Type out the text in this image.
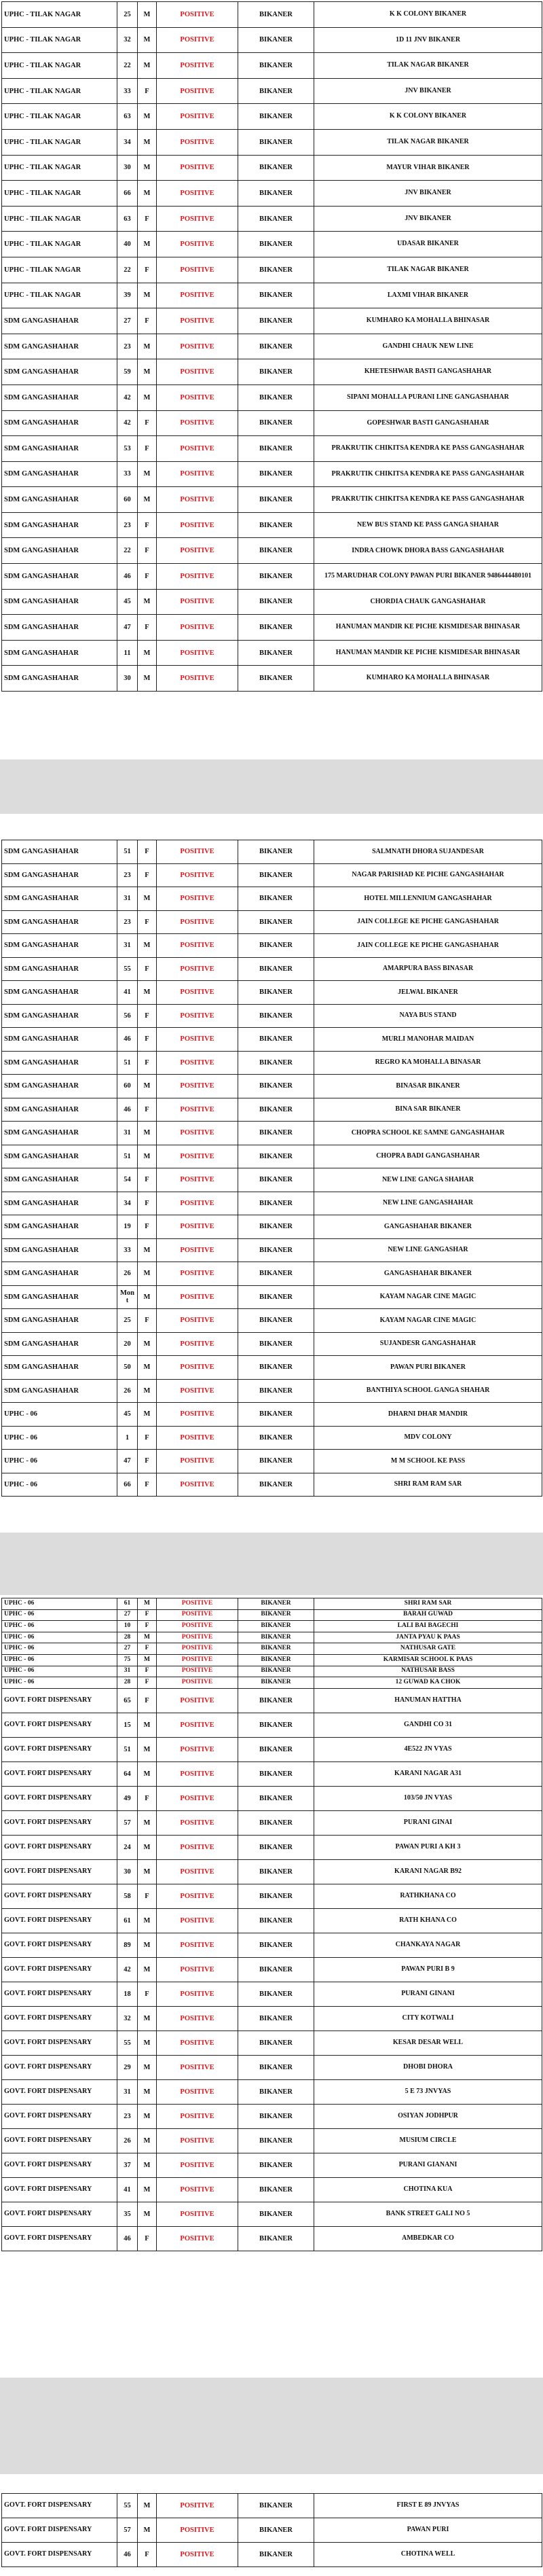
UPHC - TILAK NAGAR	25	M	POSITIVE	BIKANER	K K COLONY BIKANER
UPHC - TILAK NAGAR	32	M	POSITIVE	BIKANER	1D 11 JNV BIKANER
UPHC - TILAK NAGAR	22	M	POSITIVE	BIKANER	TILAK NAGAR BIKANER
UPHC - TILAK NAGAR	33	F	POSITIVE	BIKANER	JNV BIKANER
UPHC - TILAK NAGAR	63	M	POSITIVE	BIKANER	K K COLONY BIKANER
UPHC - TILAK NAGAR	34	M	POSITIVE	BIKANER	TILAK NAGAR BIKANER
UPHC - TILAK NAGAR	30	M	POSITIVE	BIKANER	MAYUR VIHAR BIKANER
UPHC - TILAK NAGAR	66	M	POSITIVE	BIKANER	JNV BIKANER
UPHC - TILAK NAGAR	63	F	POSITIVE	BIKANER	JNV BIKANER
UPHC - TILAK NAGAR	40	M	POSITIVE	BIKANER	UDASAR BIKANER
UPHC - TILAK NAGAR	22	F	POSITIVE	BIKANER	TILAK NAGAR BIKANER
UPHC - TILAK NAGAR	39	M	POSITIVE	BIKANER	LAXMI VIHAR BIKANER
SDM GANGASHAHAR	27	F	POSITIVE	BIKANER	KUMHARO KA MOHALLA BHINASAR
SDM GANGASHAHAR	23	M	POSITIVE	BIKANER	GANDHI CHAUK NEW LINE
SDM GANGASHAHAR	59	M	POSITIVE	BIKANER	KHETESHWAR BASTI GANGASHAHAR
SDM GANGASHAHAR	42	M	POSITIVE	BIKANER	SIPANI MOHALLA PURANI LINE GANGASHAHAR
SDM GANGASHAHAR	42	F	POSITIVE	BIKANER	GOPESHWAR BASTI GANGASHAHAR
SDM GANGASHAHAR	53	F	POSITIVE	BIKANER	PRAKRUTIK CHIKITSA KENDRA KE PASS GANGASHAHAR
SDM GANGASHAHAR	33	M	POSITIVE	BIKANER	PRAKRUTIK CHIKITSA KENDRA KE PASS GANGASHAHAR
SDM GANGASHAHAR	60	M	POSITIVE	BIKANER	PRAKRUTIK CHIKITSA KENDRA KE PASS GANGASHAHAR
SDM GANGASHAHAR	23	F	POSITIVE	BIKANER	NEW BUS STAND KE PASS GANGA SHAHAR
SDM GANGASHAHAR	22	F	POSITIVE	BIKANER	INDRA CHOWK DHORA BASS GANGASHAHAR
SDM GANGASHAHAR	46	F	POSITIVE	BIKANER	175 MARUDHAR COLONY PAWAN PURI BIKANER 9486444480101
SDM GANGASHAHAR	45	M	POSITIVE	BIKANER	CHORDIA CHAUK GANGASHAHAR
SDM GANGASHAHAR	47	F	POSITIVE	BIKANER	HANUMAN MANDIR KE PICHE KISMIDESAR BHINASAR
SDM GANGASHAHAR	11	M	POSITIVE	BIKANER	HANUMAN MANDIR KE PICHE KISMIDESAR BHINASAR
SDM GANGASHAHAR	30	M	POSITIVE	BIKANER	KUMHARO KA MOHALLA BHINASAR
SDM GANGASHAHAR	51	F	POSITIVE	BIKANER	SALMNATH DHORA SUJANDESAR
SDM GANGASHAHAR	23	F	POSITIVE	BIKANER	NAGAR PARISHAD KE PICHE GANGASHAHAR
SDM GANGASHAHAR	31	M	POSITIVE	BIKANER	HOTEL MILLENNIUM GANGASHAHAR
SDM GANGASHAHAR	23	F	POSITIVE	BIKANER	JAIN COLLEGE KE PICHE GANGASHAHAR
SDM GANGASHAHAR	31	M	POSITIVE	BIKANER	JAIN COLLEGE KE PICHE GANGASHAHAR
SDM GANGASHAHAR	55	F	POSITIVE	BIKANER	AMARPURA BASS BINASAR
SDM GANGASHAHAR	41	M	POSITIVE	BIKANER	JELWAL BIKANER
SDM GANGASHAHAR	56	F	POSITIVE	BIKANER	NAYA BUS STAND
SDM GANGASHAHAR	46	F	POSITIVE	BIKANER	MURLI MANOHAR MAIDAN
SDM GANGASHAHAR	51	F	POSITIVE	BIKANER	REGRO KA MOHALLA BINASAR
SDM GANGASHAHAR	60	M	POSITIVE	BIKANER	BINASAR BIKANER
SDM GANGASHAHAR	46	F	POSITIVE	BIKANER	BINA SAR BIKANER
SDM GANGASHAHAR	31	M	POSITIVE	BIKANER	CHOPRA SCHOOL KE SAMNE GANGASHAHAR
SDM GANGASHAHAR	51	M	POSITIVE	BIKANER	CHOPRA BADI GANGASHAHAR
SDM GANGASHAHAR	54	F	POSITIVE	BIKANER	NEW LINE GANGA SHAHAR
SDM GANGASHAHAR	34	F	POSITIVE	BIKANER	NEW LINE GANGASHAHAR
SDM GANGASHAHAR	19	F	POSITIVE	BIKANER	GANGASHAHAR BIKANER
SDM GANGASHAHAR	33	M	POSITIVE	BIKANER	NEW LINE GANGASHAR
SDM GANGASHAHAR	26	M	POSITIVE	BIKANER	GANGASHAHAR BIKANER
SDM GANGASHAHAR	Mont	M	POSITIVE	BIKANER	KAYAM NAGAR CINE MAGIC
SDM GANGASHAHAR	25	F	POSITIVE	BIKANER	KAYAM NAGAR CINE MAGIC
SDM GANGASHAHAR	20	M	POSITIVE	BIKANER	SUJANDESR GANGASHAHAR
SDM GANGASHAHAR	50	M	POSITIVE	BIKANER	PAWAN PURI BIKANER
SDM GANGASHAHAR	26	M	POSITIVE	BIKANER	BANTHIYA SCHOOL GANGA SHAHAR
UPHC - 06	45	M	POSITIVE	BIKANER	DHARNI DHAR MANDIR
UPHC - 06	1	F	POSITIVE	BIKANER	MDV COLONY
UPHC - 06	47	F	POSITIVE	BIKANER	M M SCHOOL KE PASS
UPHC - 06	66	F	POSITIVE	BIKANER	SHRI RAM RAM SAR
UPHC - 06	61	M	POSITIVE	BIKANER	SHRI RAM SAR
UPHC - 06	27	F	POSITIVE	BIKANER	BARAH GUWAD
UPHC - 06	10	F	POSITIVE	BIKANER	LALI BAI BAGECHI
UPHC - 06	28	M	POSITIVE	BIKANER	JANTA PYAU K PAAS
UPHC - 06	27	F	POSITIVE	BIKANER	NATHUSAR GATE
UPHC - 06	75	M	POSITIVE	BIKANER	KARMISAR SCHOOL K PAAS
UPHC - 06	31	F	POSITIVE	BIKANER	NATHUSAR BASS
UPHC - 06	28	F	POSITIVE	BIKANER	12 GUWAD KA CHOK
GOVT. FORT DISPENSARY	65	F	POSITIVE	BIKANER	HANUMAN HATTHA
GOVT. FORT DISPENSARY	15	M	POSITIVE	BIKANER	GANDHI CO 31
GOVT. FORT DISPENSARY	51	M	POSITIVE	BIKANER	4E522 JN VYAS
GOVT. FORT DISPENSARY	64	M	POSITIVE	BIKANER	KARANI NAGAR A31
GOVT. FORT DISPENSARY	49	F	POSITIVE	BIKANER	103/50 JN VYAS
GOVT. FORT DISPENSARY	57	M	POSITIVE	BIKANER	PURANI GINAI
GOVT. FORT DISPENSARY	24	M	POSITIVE	BIKANER	PAWAN PURI A KH 3
GOVT. FORT DISPENSARY	30	M	POSITIVE	BIKANER	KARANI NAGAR B92
GOVT. FORT DISPENSARY	58	F	POSITIVE	BIKANER	RATHKHANA CO
GOVT. FORT DISPENSARY	61	M	POSITIVE	BIKANER	RATH KHANA CO
GOVT. FORT DISPENSARY	89	M	POSITIVE	BIKANER	CHANKAYA NAGAR
GOVT. FORT DISPENSARY	42	M	POSITIVE	BIKANER	PAWAN PURI B 9
GOVT. FORT DISPENSARY	18	F	POSITIVE	BIKANER	PURANI GINANI
GOVT. FORT DISPENSARY	32	M	POSITIVE	BIKANER	CITY KOTWALI
GOVT. FORT DISPENSARY	55	M	POSITIVE	BIKANER	KESAR DESAR WELL
GOVT. FORT DISPENSARY	29	M	POSITIVE	BIKANER	DHOBI DHORA
GOVT. FORT DISPENSARY	31	M	POSITIVE	BIKANER	5 E 73 JNVYAS
GOVT. FORT DISPENSARY	23	M	POSITIVE	BIKANER	OSIYAN JODHPUR
GOVT. FORT DISPENSARY	26	M	POSITIVE	BIKANER	MUSIUM CIRCLE
GOVT. FORT DISPENSARY	37	M	POSITIVE	BIKANER	PURANI GIANANI
GOVT. FORT DISPENSARY	41	M	POSITIVE	BIKANER	CHOTINA KUA
GOVT. FORT DISPENSARY	35	M	POSITIVE	BIKANER	BANK STREET GALI NO 5
GOVT. FORT DISPENSARY	46	F	POSITIVE	BIKANER	AMBEDKAR CO
GOVT. FORT DISPENSARY	55	M	POSITIVE	BIKANER	FIRST E 89 JNVYAS
GOVT. FORT DISPENSARY	57	M	POSITIVE	BIKANER	PAWAN PURI
GOVT. FORT DISPENSARY	46	F	POSITIVE	BIKANER	CHOTINA WELL
